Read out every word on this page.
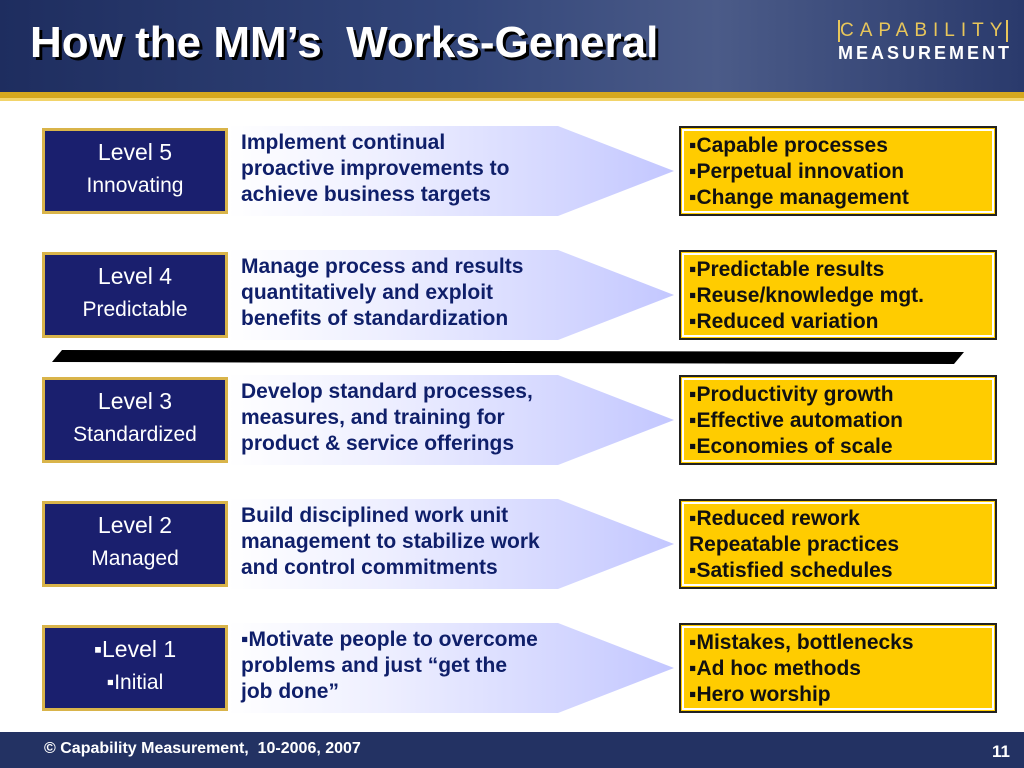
How the MM’s  Works-General	CAPABILITY
MEASUREMENT
Level 5
Innovating
Implement continual
proactive improvements to
achieve business targets
▪Capable processes
▪Perpetual innovation
▪Change management
Level 4
Predictable
Manage process and results
quantitatively and exploit
benefits of standardization
▪Predictable results
▪Reuse/knowledge mgt.
▪Reduced variation
Level 3
Standardized
Develop standard processes,
measures, and training for
product & service offerings
▪Productivity growth
▪Effective automation
▪Economies of scale
Level 2
Managed
Build disciplined work unit
management to stabilize work
and control commitments
▪Reduced rework
Repeatable practices
▪Satisfied schedules
▪Level 1
▪Initial
▪Motivate people to overcome
problems and just “get the
job done”
▪Mistakes, bottlenecks
▪Ad hoc methods
▪Hero worship
© Capability Measurement,  10-2006, 2007	11
